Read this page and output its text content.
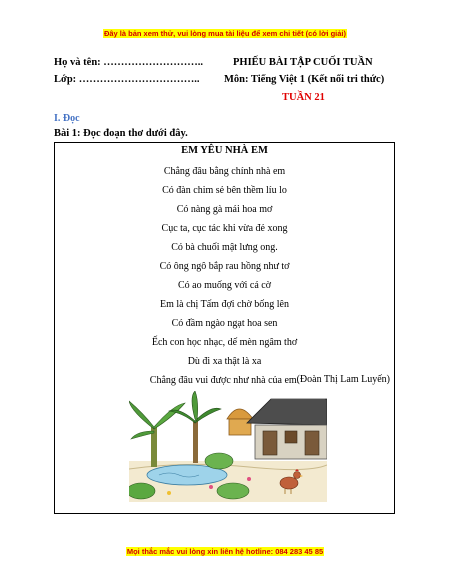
Đây là bản xem thử, vui lòng mua tài liệu để xem chi tiết (có lời giải)
Họ và tên: ………………………..
Lớp: ……………………………..
PHIẾU BÀI TẬP CUỐI TUẦN
Môn: Tiếng Việt 1 (Kết nối tri thức)
TUẦN 21
I. Đọc
Bài 1: Đọc đoạn thơ dưới đây.
EM YÊU NHÀ EM
Chẳng đâu bằng chính nhà em
Có đàn chim sẻ bên thềm líu lo
Có nàng gà mái hoa mơ
Cục ta, cục tác khi vừa đẻ xong
Có bà chuối mật lưng ong.
Có ông ngô bắp rau hồng như tơ
Có ao muống với cá cờ
Em là chị Tấm đợi chờ bống lên
Có đầm ngào ngạt hoa sen
Ếch con học nhạc, dế mèn ngâm thơ
Dù đi xa thật là xa
Chẳng đâu vui được như nhà của em.
(Đoàn Thị Lam Luyến)
Mọi thắc mắc vui lòng xin liên hệ hotline: 084 283 45 85
